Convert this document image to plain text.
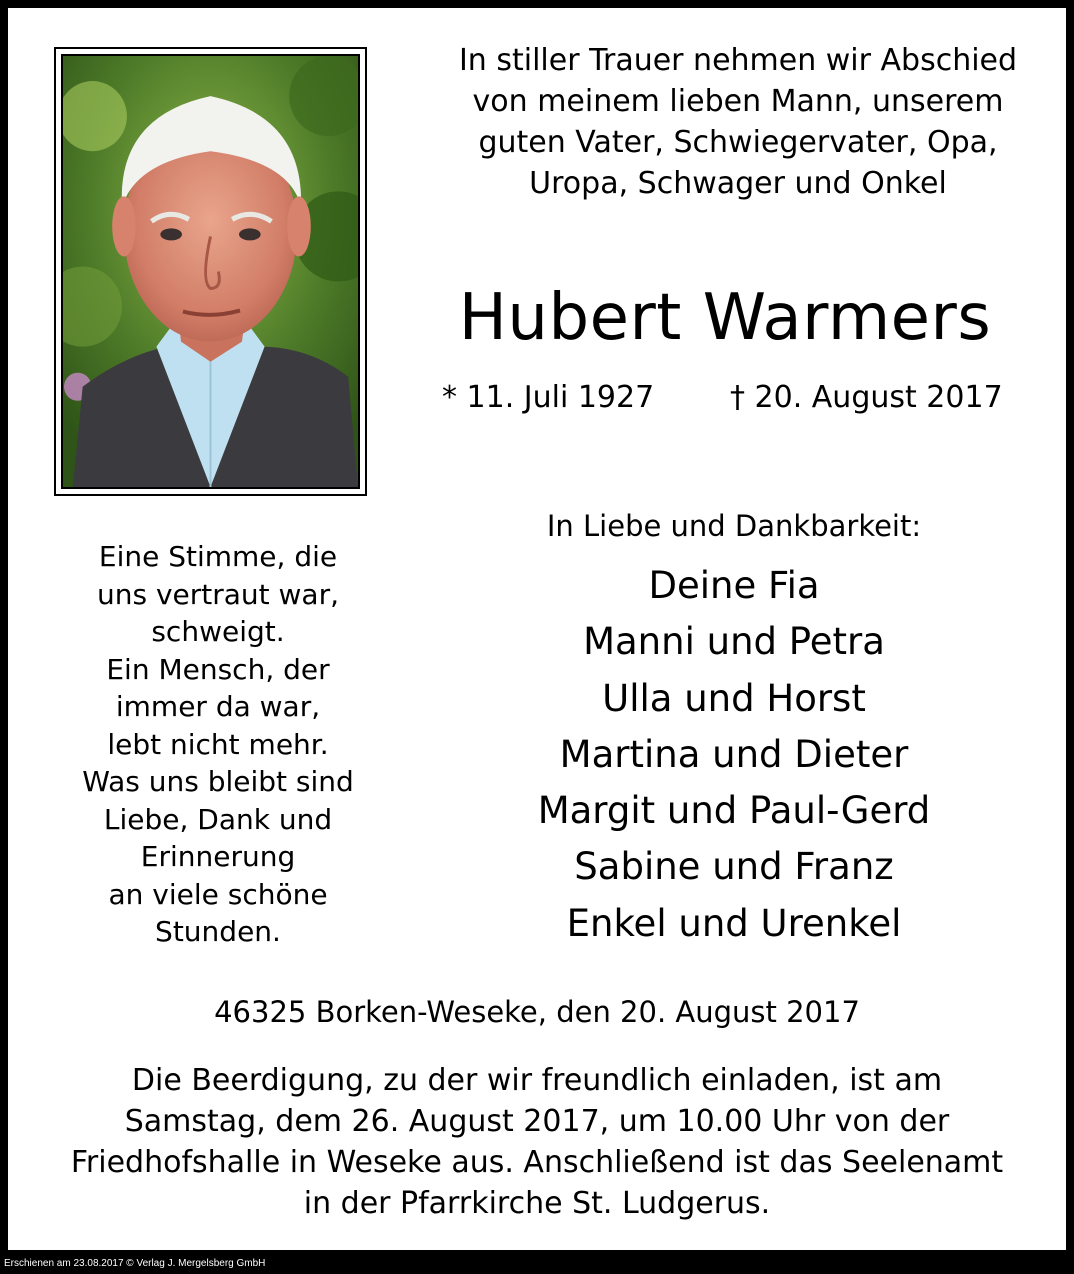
In stiller Trauer nehmen wir Abschied
von meinem lieben Mann, unserem
guten Vater, Schwiegervater, Opa,
Uropa, Schwager und Onkel
Hubert Warmers
* 11. Juli 1927	† 20. August 2017
Eine Stimme, die
uns vertraut war,
schweigt.
Ein Mensch, der
immer da war,
lebt nicht mehr.
Was uns bleibt sind
Liebe, Dank und
Erinnerung
an viele schöne
Stunden.
In Liebe und Dankbarkeit:
Deine Fia
Manni und Petra
Ulla und Horst
Martina und Dieter
Margit und Paul-Gerd
Sabine und Franz
Enkel und Urenkel
46325 Borken-Weseke, den 20. August 2017
Die Beerdigung, zu der wir freundlich einladen, ist am
Samstag, dem 26. August 2017, um 10.00 Uhr von der
Friedhofshalle in Weseke aus. Anschließend ist das Seelenamt
in der Pfarrkirche St. Ludgerus.
Erschienen am 23.08.2017 © Verlag J. Mergelsberg GmbH
